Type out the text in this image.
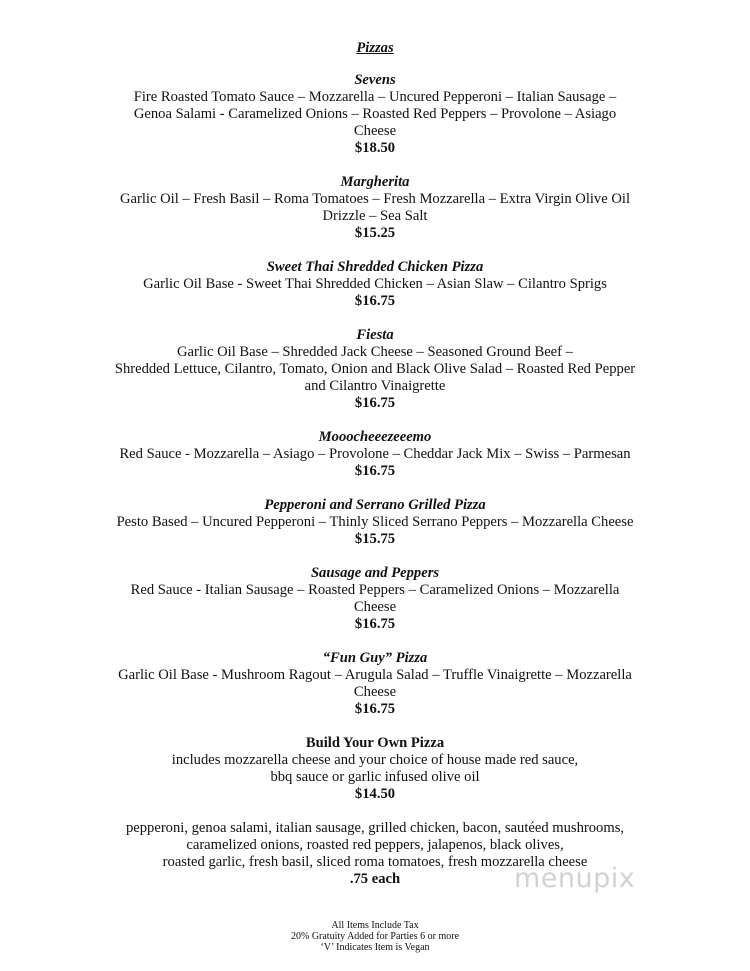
Pizzas
Sevens
Fire Roasted Tomato Sauce – Mozzarella – Uncured Pepperoni – Italian Sausage –
Genoa Salami - Caramelized Onions – Roasted Red Peppers – Provolone – Asiago
Cheese
$18.50
Margherita
Garlic Oil – Fresh Basil – Roma Tomatoes – Fresh Mozzarella – Extra Virgin Olive Oil
Drizzle – Sea Salt
$15.25
Sweet Thai Shredded Chicken Pizza
Garlic Oil Base - Sweet Thai Shredded Chicken – Asian Slaw – Cilantro Sprigs
$16.75
Fiesta
Garlic Oil Base – Shredded Jack Cheese – Seasoned Ground Beef –
Shredded Lettuce, Cilantro, Tomato, Onion and Black Olive Salad – Roasted Red Pepper
and Cilantro Vinaigrette
$16.75
Mooocheeezeeemo
Red Sauce - Mozzarella – Asiago – Provolone – Cheddar Jack Mix – Swiss – Parmesan
$16.75
Pepperoni and Serrano Grilled Pizza
Pesto Based – Uncured Pepperoni – Thinly Sliced Serrano Peppers – Mozzarella Cheese
$15.75
Sausage and Peppers
Red Sauce - Italian Sausage – Roasted Peppers – Caramelized Onions – Mozzarella
Cheese
$16.75
“Fun Guy” Pizza
Garlic Oil Base - Mushroom Ragout – Arugula Salad – Truffle Vinaigrette – Mozzarella
Cheese
$16.75
Build Your Own Pizza
includes mozzarella cheese and your choice of house made red sauce,
bbq sauce or garlic infused olive oil
$14.50
pepperoni, genoa salami, italian sausage, grilled chicken, bacon, sautéed mushrooms,
caramelized onions, roasted red peppers, jalapenos, black olives,
roasted garlic, fresh basil, sliced roma tomatoes, fresh mozzarella cheese
.75 each
All Items Include Tax
20% Gratuity Added for Parties 6 or more
‘V’ Indicates Item is Vegan
menupix
